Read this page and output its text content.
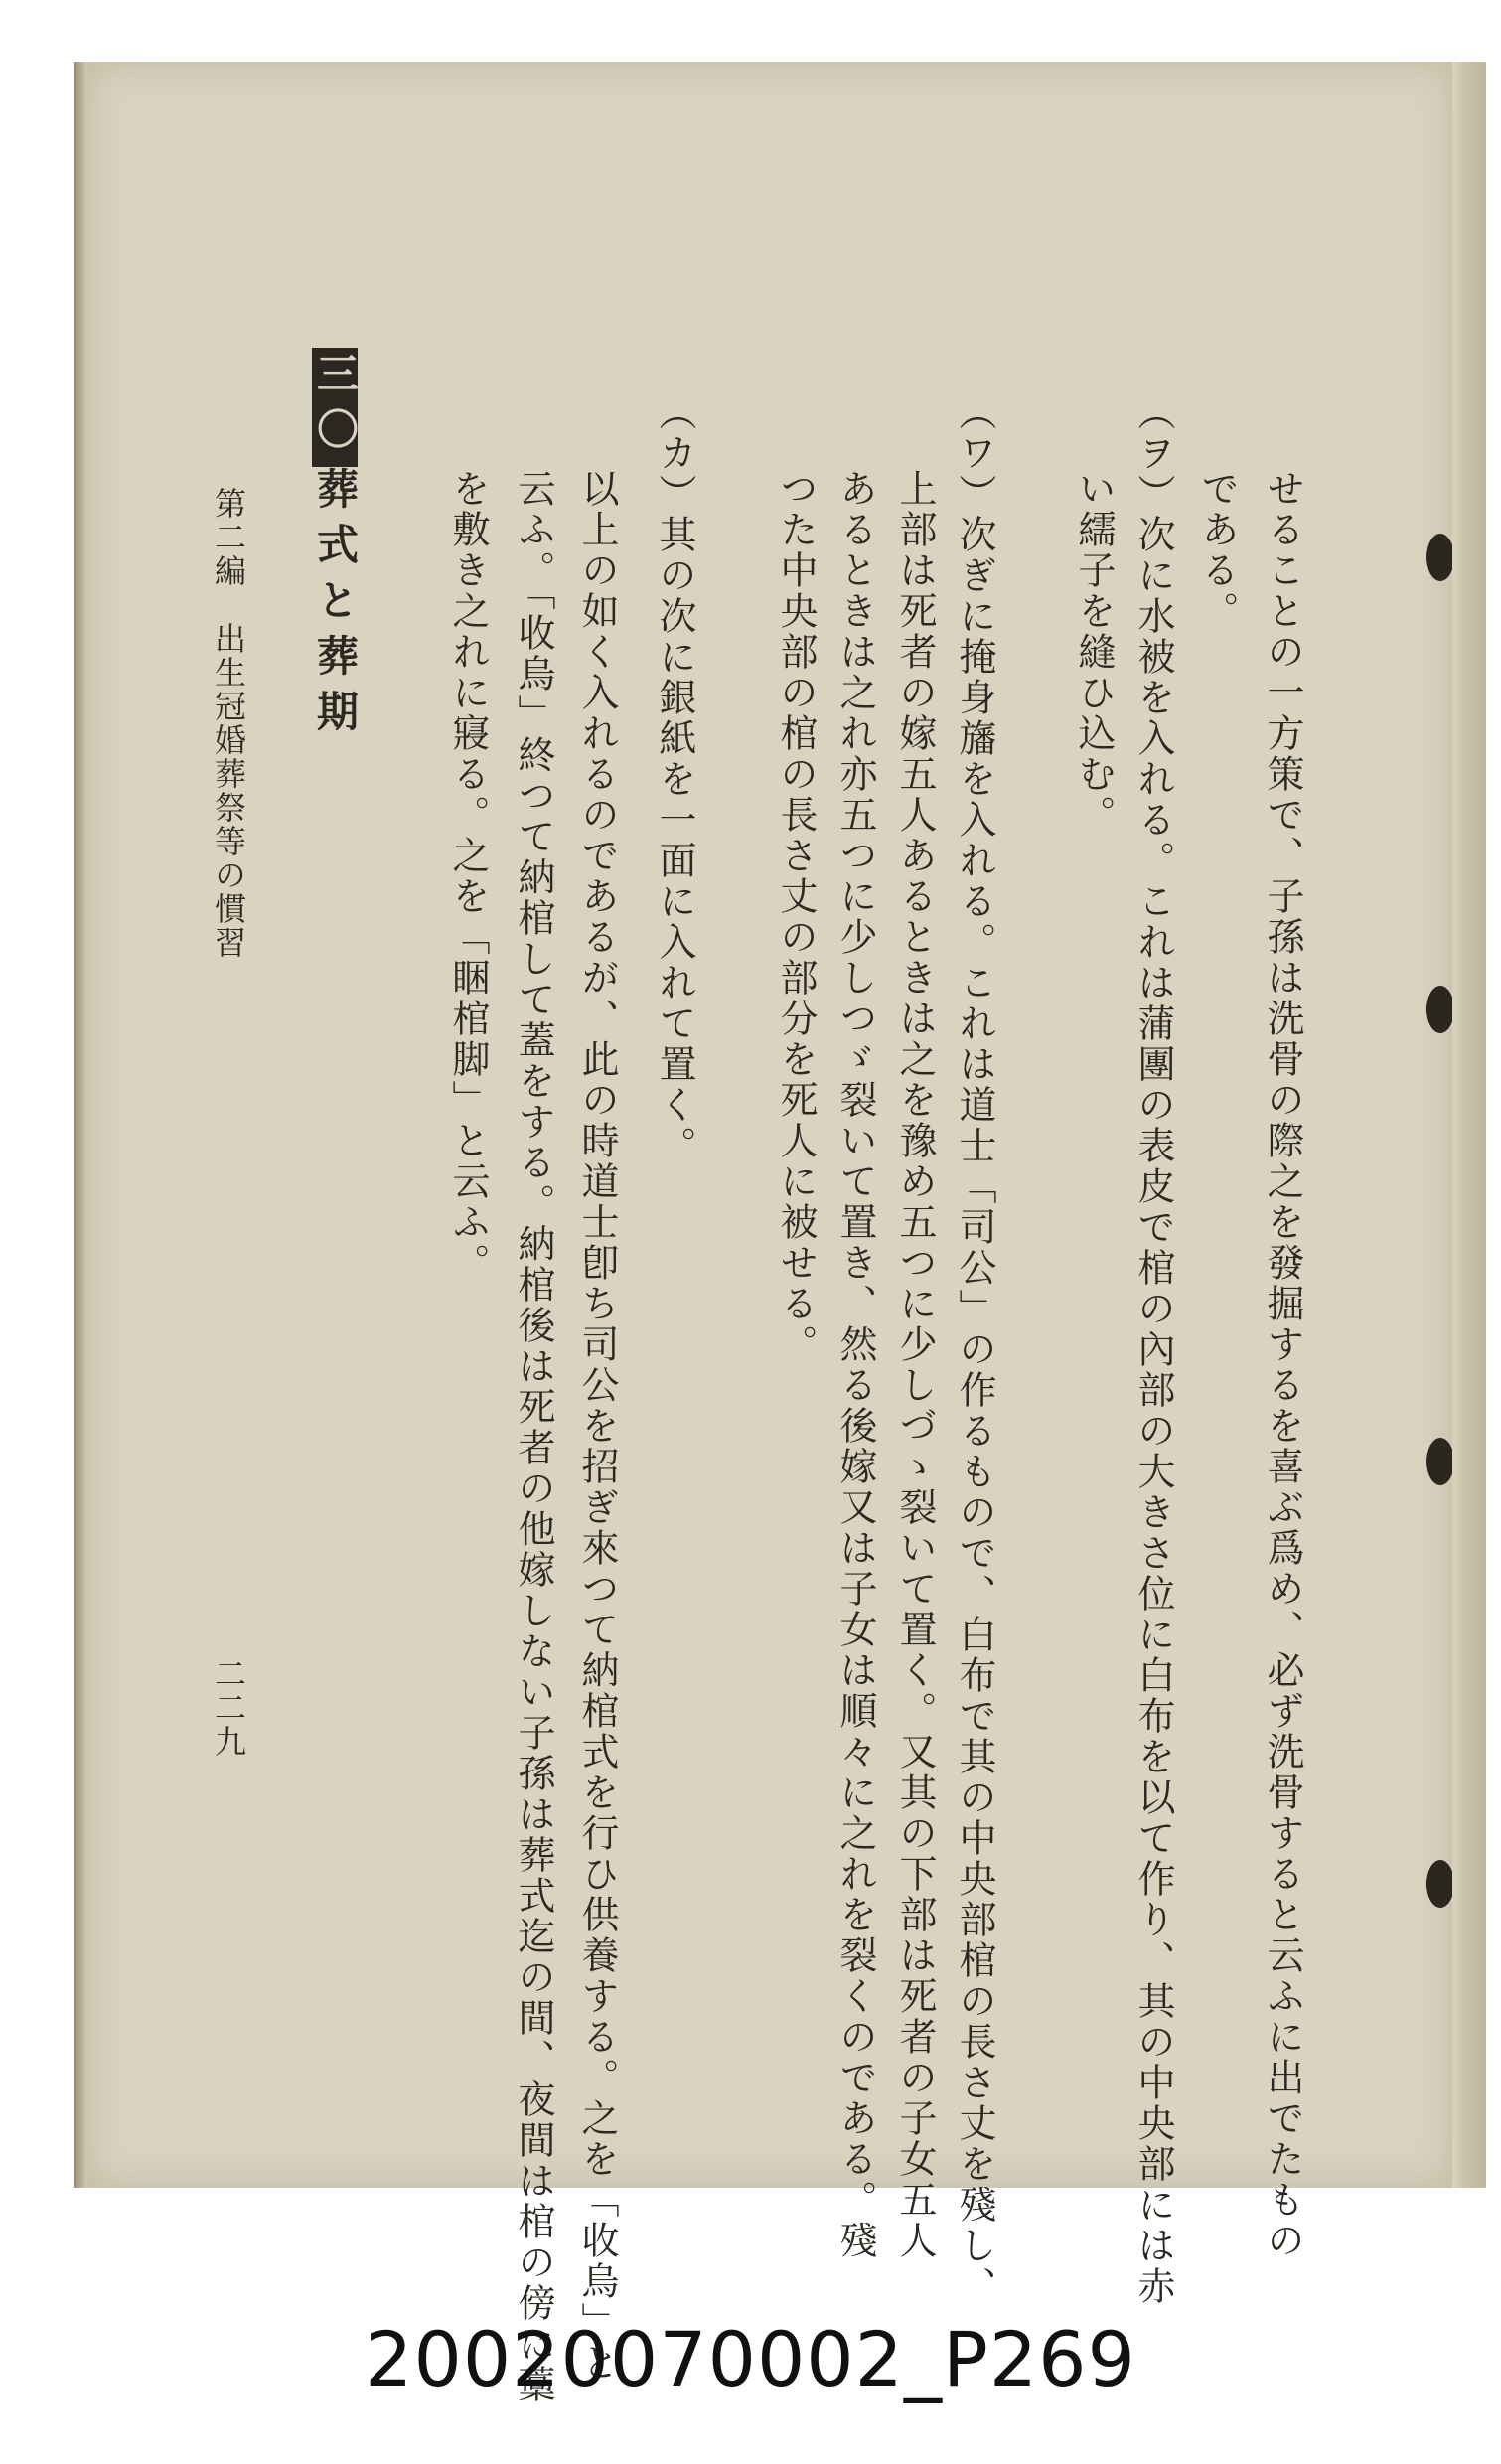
せることの一方策で、子孫は洗骨の際之を發掘するを喜ぶ爲め、必ず洗骨すると云ふに出でたもの
である。
（ヲ）次に水被を入れる。これは蒲團の表皮で棺の內部の大きさ位に白布を以て作り、其の中央部には赤
い繻子を縫ひ込む。
（ワ）次ぎに掩身旛を入れる。これは道士「司公」の作るもので、白布で其の中央部棺の長さ丈を殘し、
上部は死者の嫁五人あるときは之を豫め五つに少しづゝ裂いて置く。又其の下部は死者の子女五人
あるときは之れ亦五つに少しつゞ裂いて置き、然る後嫁又は子女は順々に之れを裂くのである。殘
つた中央部の棺の長さ丈の部分を死人に被せる。
（カ）其の次に銀紙を一面に入れて置く。
以上の如く入れるのであるが、此の時道士卽ち司公を招ぎ來つて納棺式を行ひ供養する。之を「收烏」と
云ふ。「收烏」終つて納棺して蓋をする。納棺後は死者の他嫁しない子孫は葬式迄の間、夜間は棺の傍に藁
を敷き之れに寢る。之を「睏棺脚」と云ふ。
三〇葬式と葬期
第二編　出生冠婚葬祭等の慣習
二二九
20020070002_P269
